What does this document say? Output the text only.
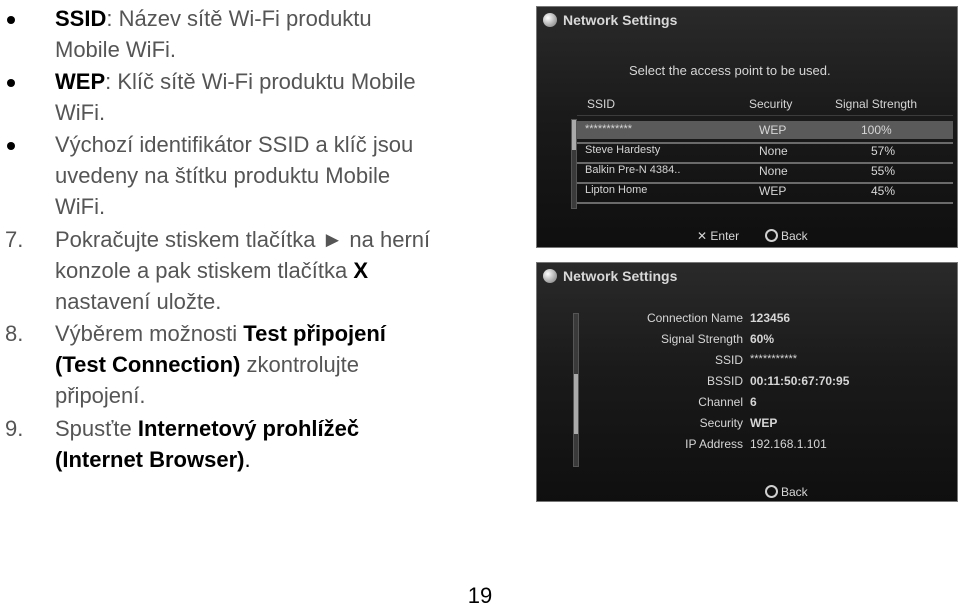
SSID: Název sítě Wi-Fi produktu
Mobile WiFi.
WEP: Klíč sítě Wi-Fi produktu Mobile
WiFi.
Výchozí identifikátor SSID a klíč jsou
uvedeny na štítku produktu Mobile
WiFi.
7. Pokračujte stiskem tlačítka ► na herní
konzole a pak stiskem tlačítka X
nastavení uložte.
8. Výběrem možnosti Test připojení
(Test Connection) zkontrolujte
připojení.
9. Spusťte Internetový prohlížeč
(Internet Browser).
Network Settings
Select the access point to be used.
SSID	Security	Signal Strength
***********	WEP	100%
Steve Hardesty	None	57%
Balkin Pre-N 4384..	None	55%
Lipton Home	WEP	45%
✕ Enter	Back
Network Settings
Connection Name 123456
Signal Strength 60%
SSID ***********
BSSID 00:11:50:67:70:95
Channel 6
Security WEP
IP Address 192.168.1.101
Back
19
